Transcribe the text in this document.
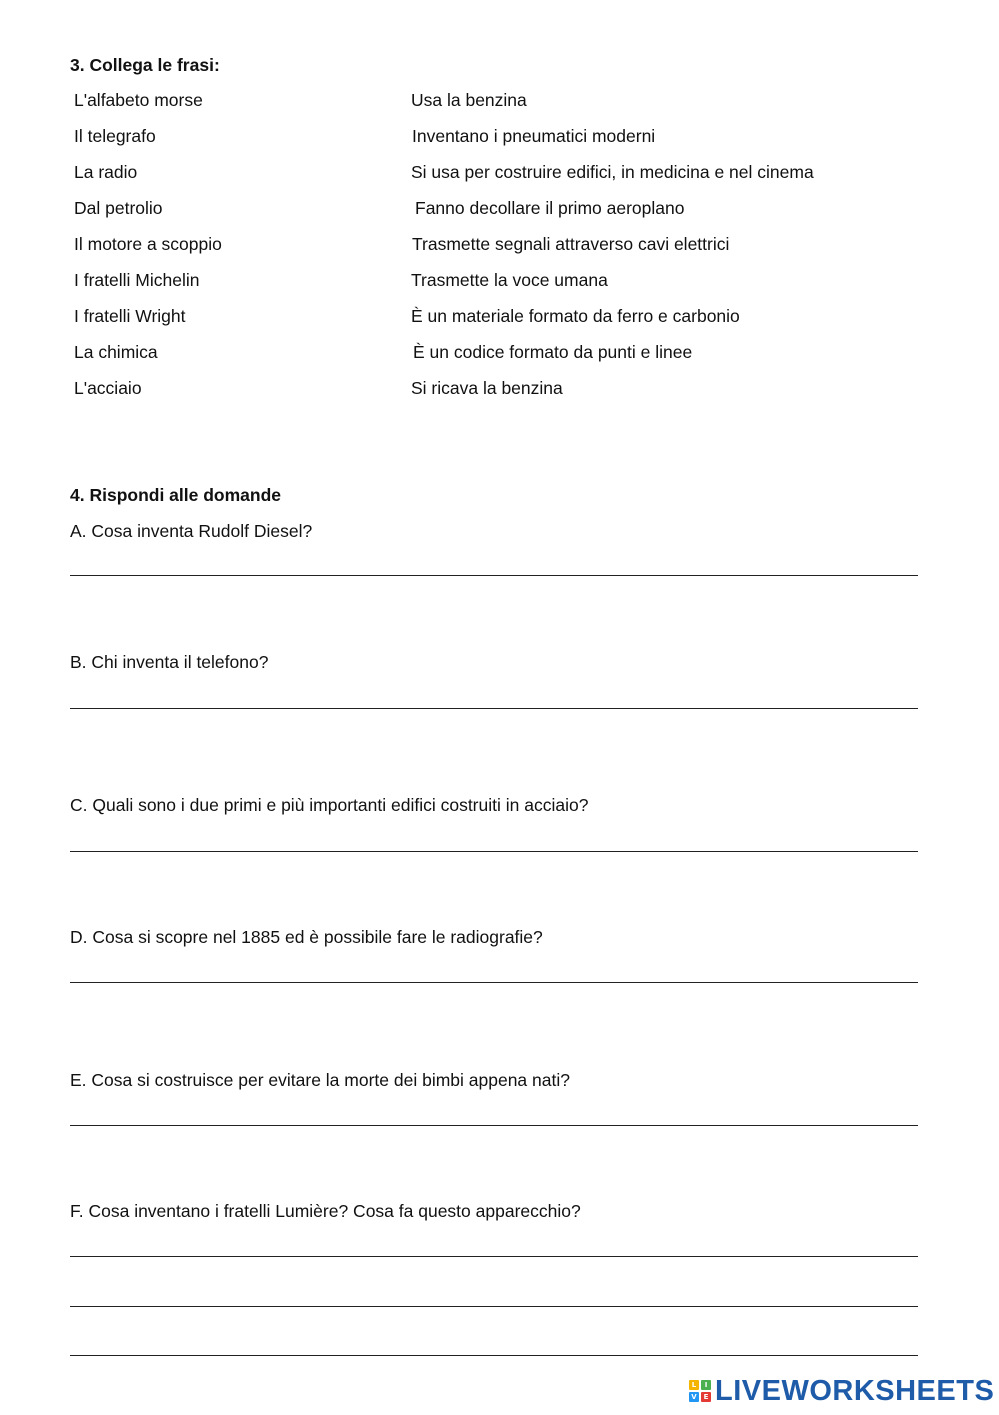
3. Collega le frasi:
L'alfabeto morse
Il telegrafo
La radio
Dal petrolio
Il motore a scoppio
I fratelli Michelin
I fratelli Wright
La chimica
L'acciaio
Usa la benzina
Inventano i pneumatici moderni
Si usa per costruire edifici, in medicina e nel cinema
Fanno decollare il primo aeroplano
Trasmette segnali attraverso cavi elettrici
Trasmette la voce umana
È un materiale formato da ferro e carbonio
È un codice formato da punti e linee
Si ricava la benzina
4. Rispondi alle domande
A. Cosa inventa Rudolf Diesel?
B. Chi inventa il telefono?
C. Quali sono i due primi e più importanti edifici costruiti in acciaio?
D. Cosa si scopre nel 1885 ed è possibile fare le radiografie?
E. Cosa si costruisce per evitare la morte dei bimbi appena nati?
F. Cosa inventano i fratelli Lumière? Cosa fa questo apparecchio?
L	I
V E LIVEWORKSHEETS
